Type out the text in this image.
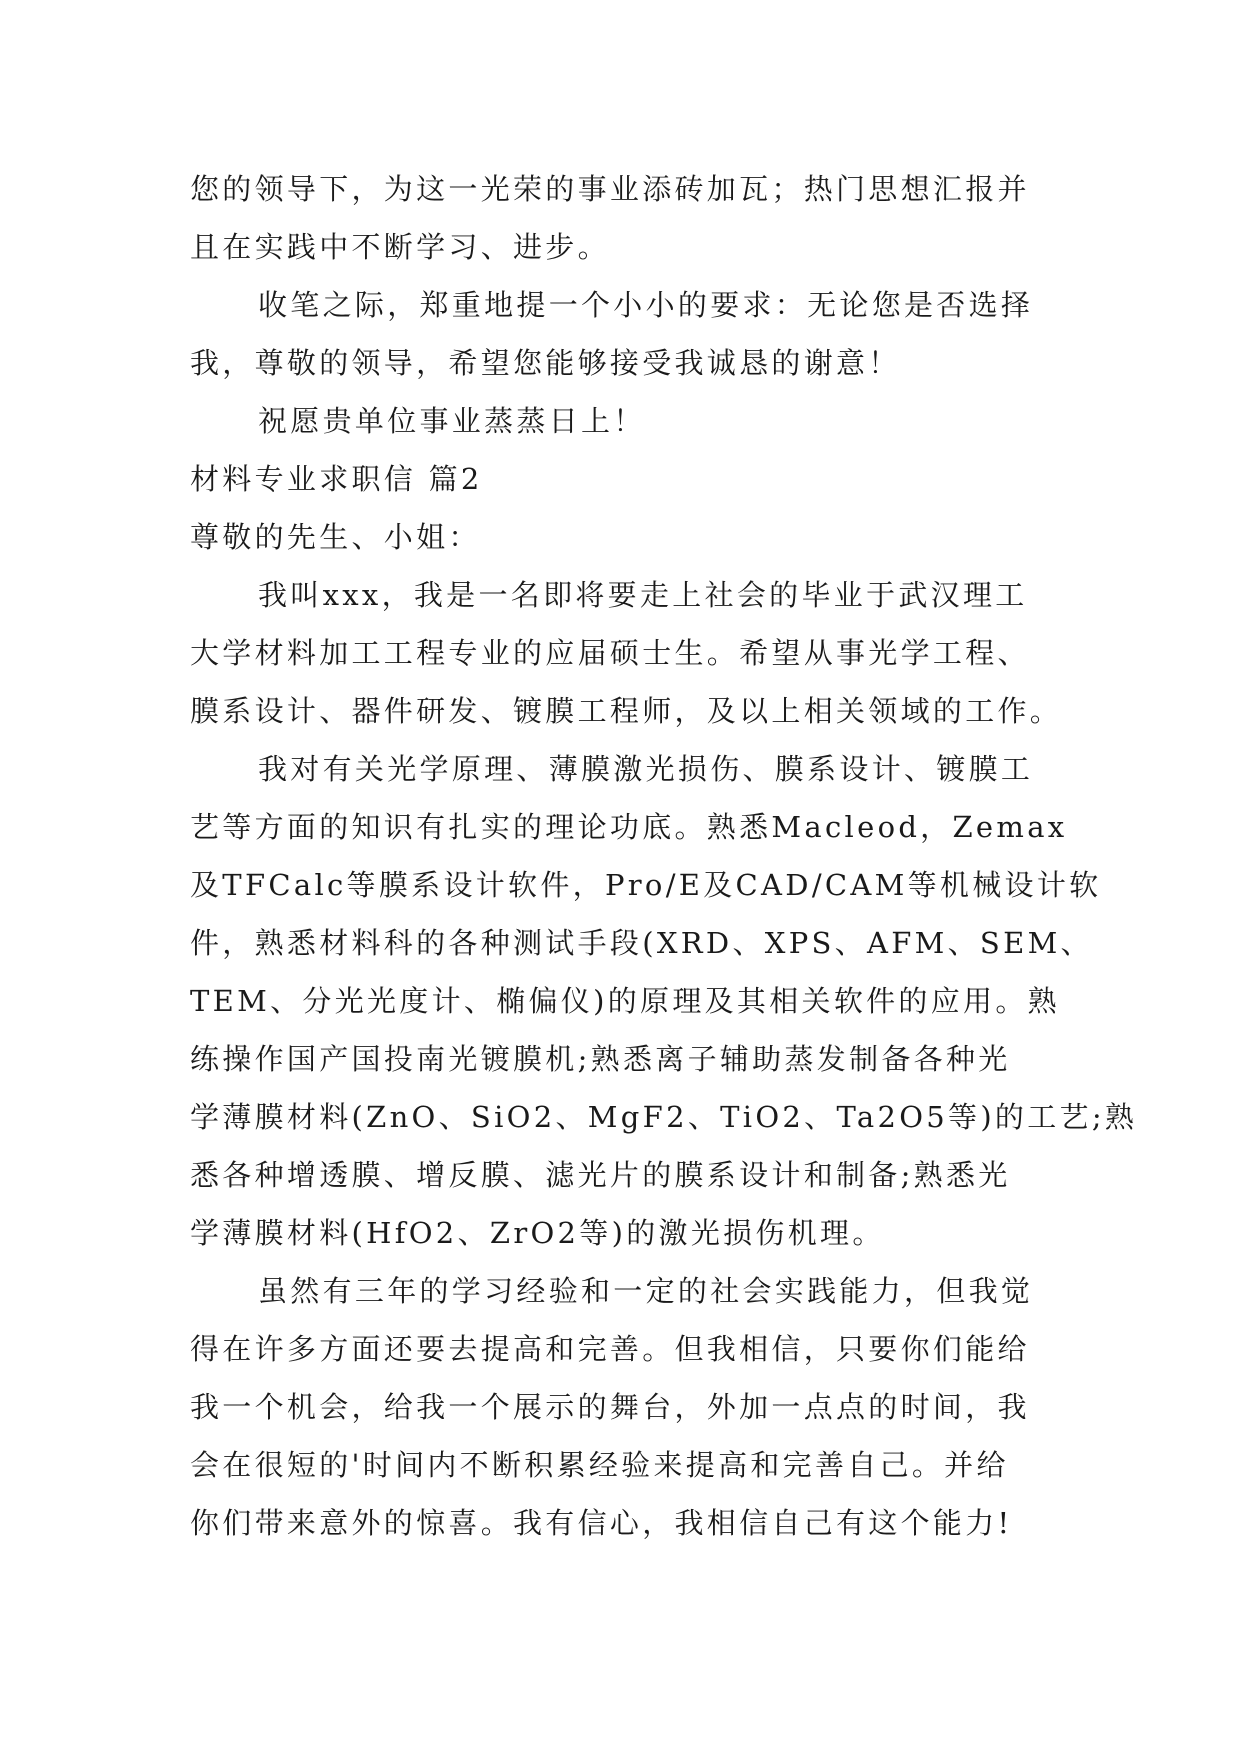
您的领导下，为这一光荣的事业添砖加瓦；热门思想汇报并
且在实践中不断学习、进步。
收笔之际，郑重地提一个小小的要求：无论您是否选择
我，尊敬的领导，希望您能够接受我诚恳的谢意！
祝愿贵单位事业蒸蒸日上！
材料专业求职信 篇2
尊敬的先生、小姐：
我叫xxx，我是一名即将要走上社会的毕业于武汉理工
大学材料加工工程专业的应届硕士生。希望从事光学工程、
膜系设计、器件研发、镀膜工程师，及以上相关领域的工作。
我对有关光学原理、薄膜激光损伤、膜系设计、镀膜工
艺等方面的知识有扎实的理论功底。熟悉Macleod，Zemax
及TFCalc等膜系设计软件，Pro/E及CAD/CAM等机械设计软
件，熟悉材料科的各种测试手段(XRD、XPS、AFM、SEM、
TEM、分光光度计、椭偏仪)的原理及其相关软件的应用。熟
练操作国产国投南光镀膜机;熟悉离子辅助蒸发制备各种光
学薄膜材料(ZnO、SiO2、MgF2、TiO2、Ta2O5等)的工艺;熟
悉各种增透膜、增反膜、滤光片的膜系设计和制备;熟悉光
学薄膜材料(HfO2、ZrO2等)的激光损伤机理。
虽然有三年的学习经验和一定的社会实践能力，但我觉
得在许多方面还要去提高和完善。但我相信，只要你们能给
我一个机会，给我一个展示的舞台，外加一点点的时间，我
会在很短的'时间内不断积累经验来提高和完善自己。并给
你们带来意外的惊喜。我有信心，我相信自己有这个能力!
